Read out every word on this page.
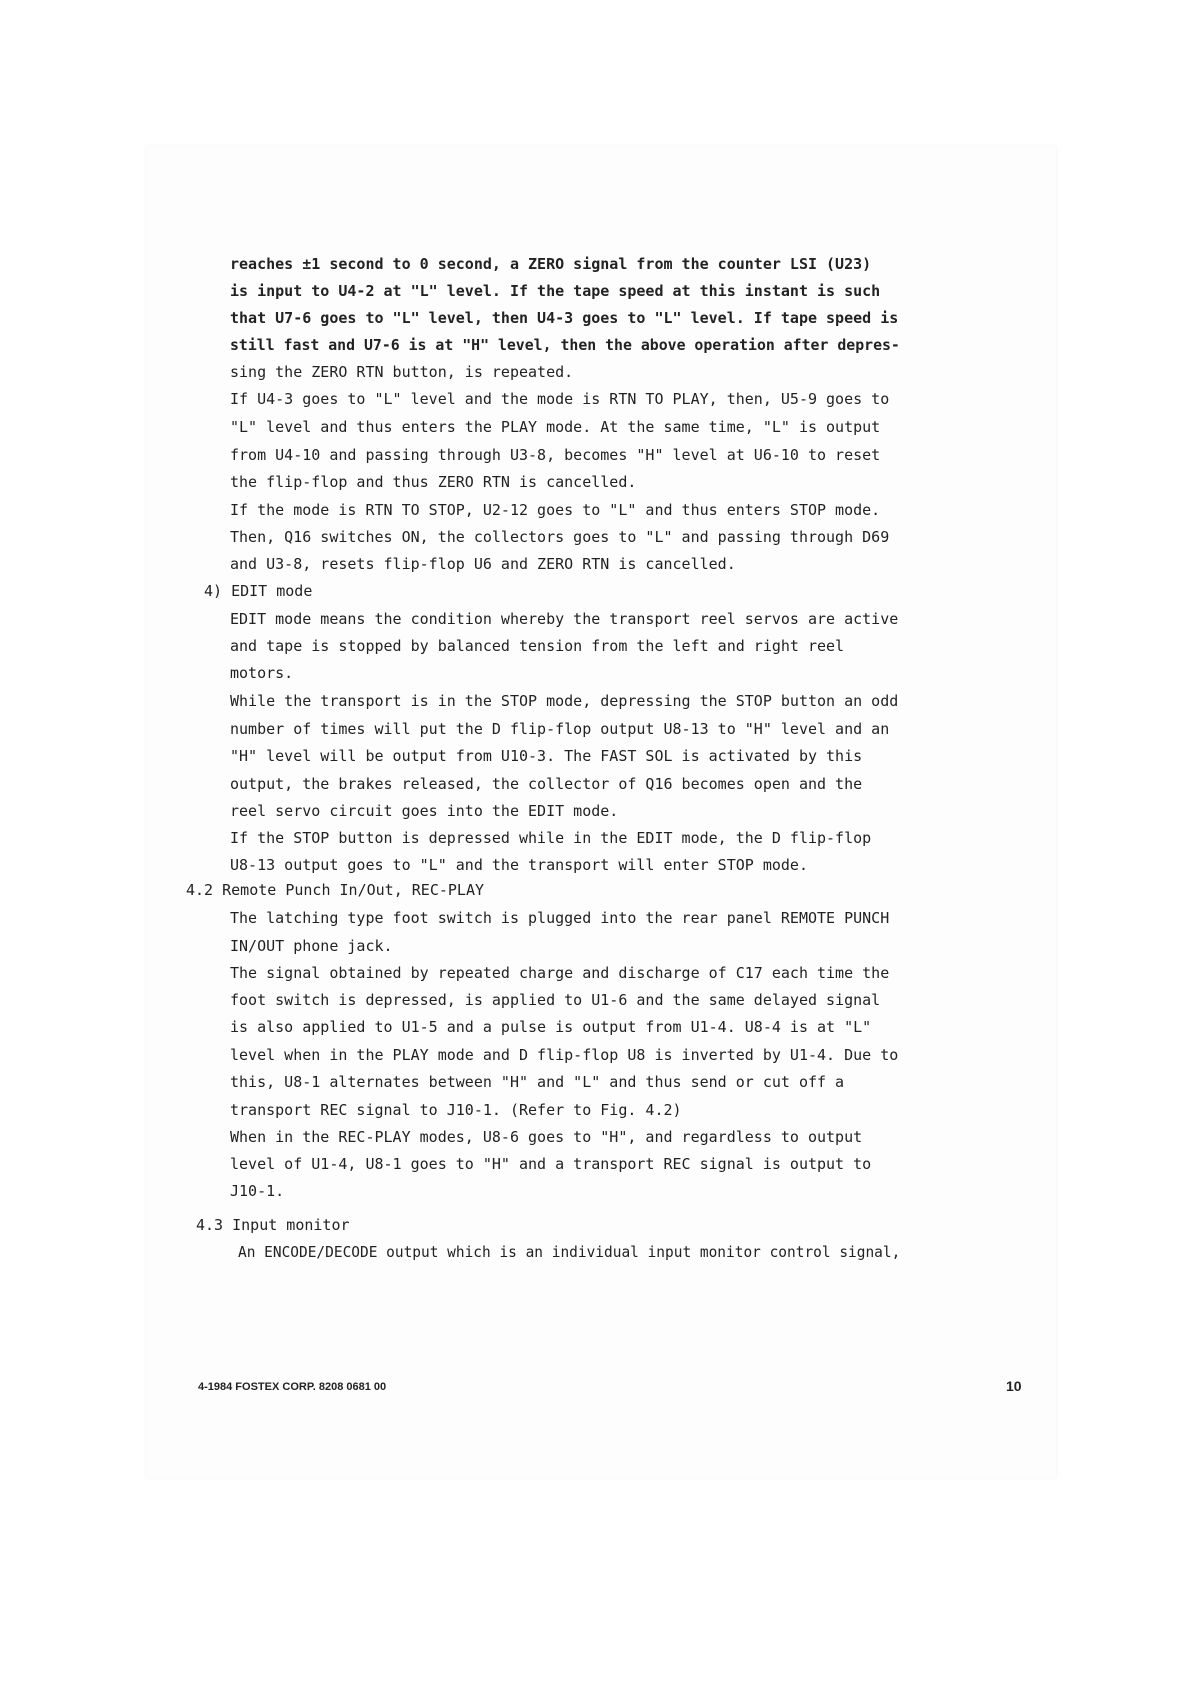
reaches ±1 second to 0 second, a ZERO signal from the counter LSI (U23)
is input to U4-2 at "L" level. If the tape speed at this instant is such
that U7-6 goes to "L" level, then U4-3 goes to "L" level. If tape speed is
still fast and U7-6 is at "H" level, then the above operation after depres-
sing the ZERO RTN button, is repeated.
If U4-3 goes to "L" level and the mode is RTN TO PLAY, then, U5-9 goes to
"L" level and thus enters the PLAY mode. At the same time, "L" is output
from U4-10 and passing through U3-8, becomes "H" level at U6-10 to reset
the flip-flop and thus ZERO RTN is cancelled.
If the mode is RTN TO STOP, U2-12 goes to "L" and thus enters STOP mode.
Then, Q16 switches ON, the collectors goes to "L" and passing through D69
and U3-8, resets flip-flop U6 and ZERO RTN is cancelled.
4) EDIT mode
EDIT mode means the condition whereby the transport reel servos are active
and tape is stopped by balanced tension from the left and right reel
motors.
While the transport is in the STOP mode, depressing the STOP button an odd
number of times will put the D flip-flop output U8-13 to "H" level and an
"H" level will be output from U10-3. The FAST SOL is activated by this
output, the brakes released, the collector of Q16 becomes open and the
reel servo circuit goes into the EDIT mode.
If the STOP button is depressed while in the EDIT mode, the D flip-flop
U8-13 output goes to "L" and the transport will enter STOP mode.
4.2 Remote Punch In/Out, REC-PLAY
The latching type foot switch is plugged into the rear panel REMOTE PUNCH
IN/OUT phone jack.
The signal obtained by repeated charge and discharge of C17 each time the
foot switch is depressed, is applied to U1-6 and the same delayed signal
is also applied to U1-5 and a pulse is output from U1-4. U8-4 is at "L"
level when in the PLAY mode and D flip-flop U8 is inverted by U1-4. Due to
this, U8-1 alternates between "H" and "L" and thus send or cut off a
transport REC signal to J10-1. (Refer to Fig. 4.2)
When in the REC-PLAY modes, U8-6 goes to "H", and regardless to output
level of U1-4, U8-1 goes to "H" and a transport REC signal is output to
J10-1.
4.3 Input monitor
An ENCODE/DECODE output which is an individual input monitor control signal,
4-1984 FOSTEX CORP. 8208 0681 00	10
